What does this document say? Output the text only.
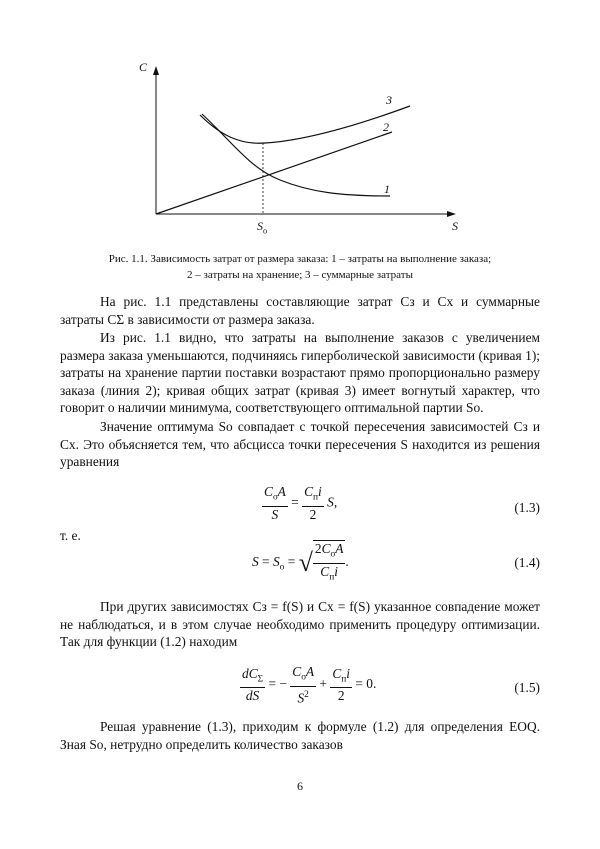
C
S
3
2
1
$S_о$
Рис. 1.1. Зависимость затрат от размера заказа: 1 – затраты на выполнение заказа;
2 – затраты на хранение; 3 – суммарные затраты

На рис. 1.1 представлены составляющие затрат Cз и Cх и суммарные затраты CΣ в зависимости от размера заказа.

Из рис. 1.1 видно, что затраты на выполнение заказов с увеличением размера заказа уменьшаются, подчиняясь гиперболической зависимости (кривая 1); затраты на хранение партии поставки возрастают прямо пропорционально размеру заказа (линия 2); кривая общих затрат (кривая 3) имеет вогнутый характер, что говорит о наличии минимума, соответствующего оптимальной партии Sо.

Значение оптимума Sо совпадает с точкой пересечения зависимостей Cз и Cх. Это объясняется тем, что абсцисса точки пересечения S находится из решения уравнения

$\frac{C_оA}{S} = \frac{C_пi}{2} S$,	(1.3)
т. е.
$S = S_о$ = √ $\frac{2C_оA}{C_пi}$ .	(1.4)

При других зависимостях Cз = f(S) и Cх = f(S) указанное совпадение может не наблюдаться, и в этом случае необходимо применить процедуру оптимизации. Так для функции (1.2) находим

$\frac{dC_\Sigma}{dS}$ = − $\frac{C_оA}{S^2} + \frac{C_пi}{2} = 0$.	(1.5)

Решая уравнение (1.3), приходим к формуле (1.2) для определения EOQ. Зная Sо, нетрудно определить количество заказов

6
